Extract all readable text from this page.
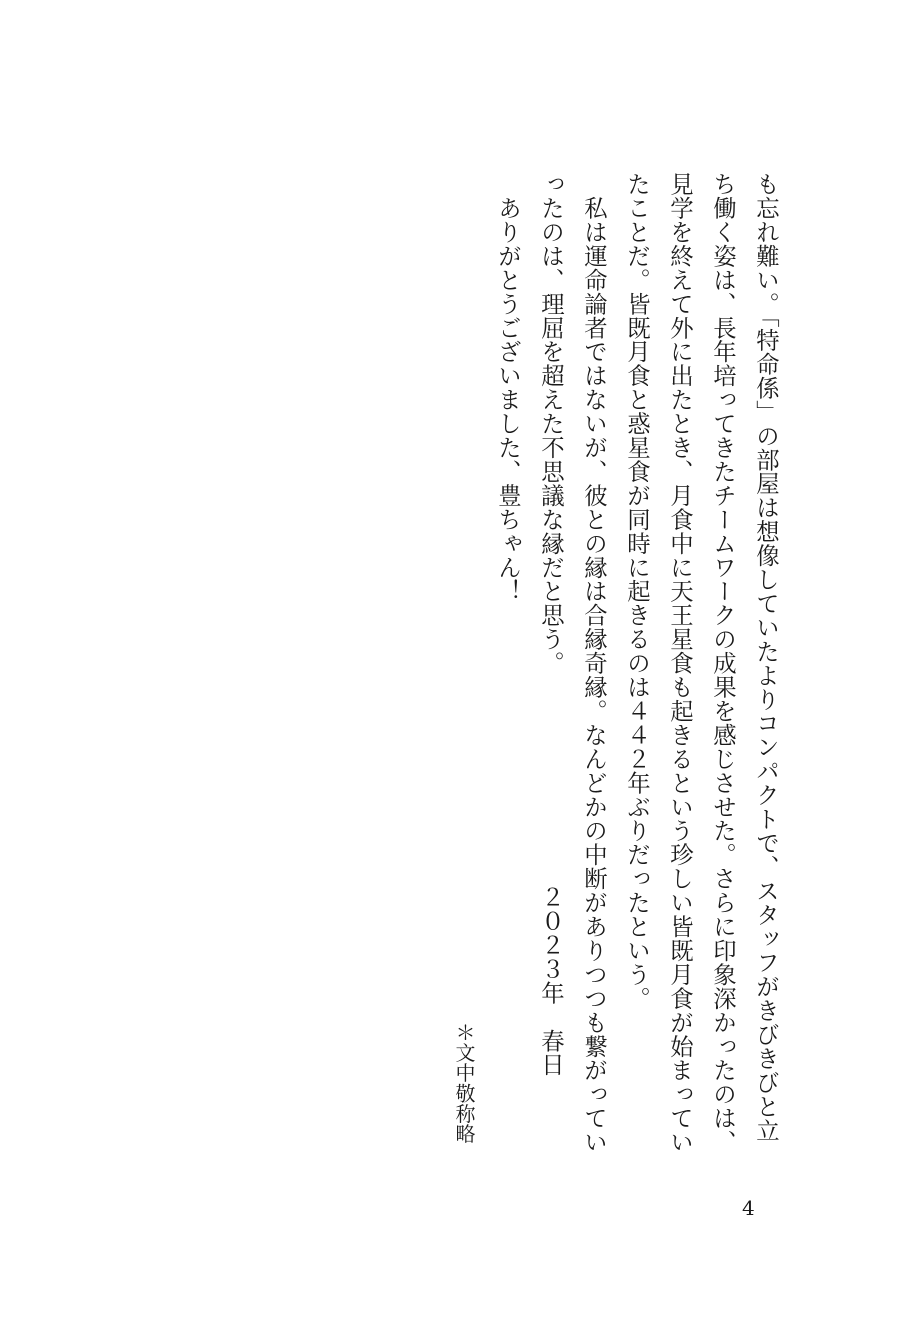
も忘れ難い。「特命係」の部屋は想像していたよりコンパクトで、スタッフがきびきびと立
ち働く姿は、長年培ってきたチームワークの成果を感じさせた。さらに印象深かったのは、
見学を終えて外に出たとき、月食中に天王星食も起きるという珍しい皆既月食が始まってい
たことだ。皆既月食と惑星食が同時に起きるのは４４２年ぶりだったという。
　私は運命論者ではないが、彼との縁は合縁奇縁。なんどかの中断がありつつも繋がってい
ったのは、理屈を超えた不思議な縁だと思う。
　ありがとうございました、豊ちゃん！
２０２３年　春日
＊文中敬称略
4
